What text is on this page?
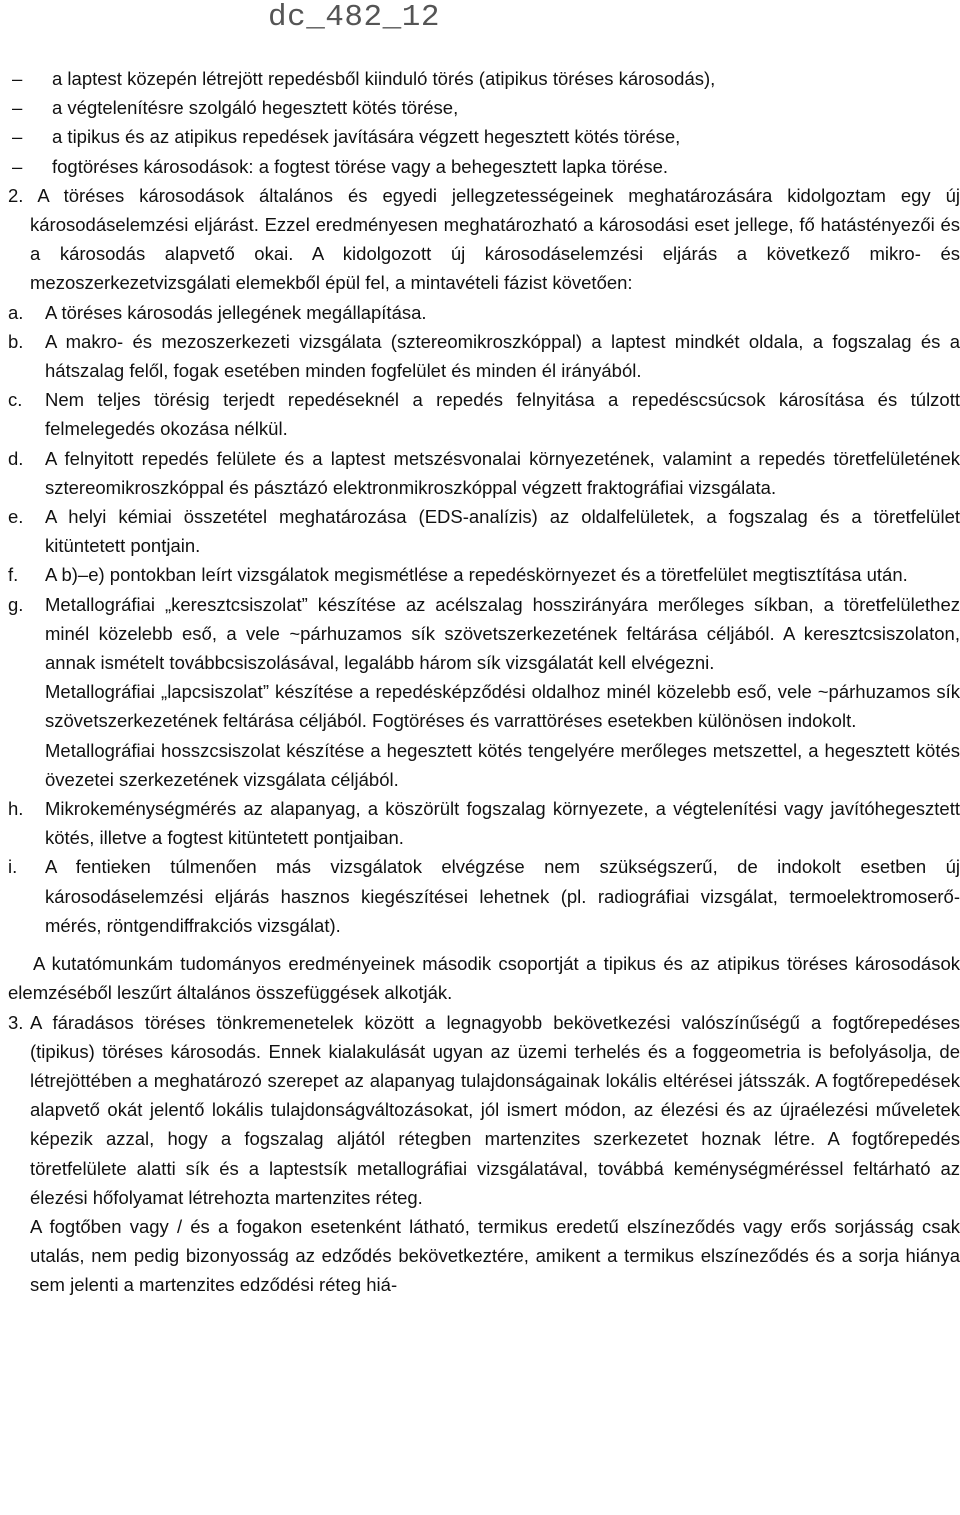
dc_482_12
– a laptest közepén létrejött repedésből kiinduló törés (atipikus töréses károsodás),
– a végtelenítésre szolgáló hegesztett kötés törése,
– a tipikus és az atipikus repedések javítására végzett hegesztett kötés törése,
– fogtöréses károsodások: a fogtest törése vagy a behegesztett lapka törése.
2. A töréses károsodások általános és egyedi jellegzetességeinek meghatározására kidolgoztam egy új károsodáselemzési eljárást. Ezzel eredményesen meghatározható a károsodási eset jellege, fő hatástényezői és a károsodás alapvető okai. A kidolgozott új károsodáselemzési eljárás a következő mikro- és mezoszerkezetvizsgálati elemekből épül fel, a mintavételi fázist követően:
a. A töréses károsodás jellegének megállapítása.
b. A makro- és mezoszerkezeti vizsgálata (sztereomikroszkóppal) a laptest mindkét oldala, a fogszalag és a hátszalag felől, fogak esetében minden fogfelület és minden él irányából.
c. Nem teljes törésig terjedt repedéseknél a repedés felnyitása a repedéscsúcsok károsítása és túlzott felmelegedés okozása nélkül.
d. A felnyitott repedés felülete és a laptest metszésvonalai környezetének, valamint a repedés töretfelületének sztereomikroszkóppal és pásztázó elektronmikroszkóppal végzett fraktográfiai vizsgálata.
e. A helyi kémiai összetétel meghatározása (EDS-analízis) az oldalfelületek, a fogszalag és a töretfelület kitüntetett pontjain.
f. A b)–e) pontokban leírt vizsgálatok megismétlése a repedéskörnyezet és a töretfelület megtisztítása után.
g. Metallográfiai „keresztcsiszolat” készítése az acélszalag hosszirányára merőleges síkban, a töretfelülethez minél közelebb eső, a vele ~párhuzamos sík szövetszerkezetének feltárása céljából. A keresztcsiszolaton, annak ismételt továbbcsiszolásával, legalább három sík vizsgálatát kell elvégezni.
Metallográfiai „lapcsiszolat” készítése a repedésképződési oldalhoz minél közelebb eső, vele ~párhuzamos sík szövetszerkezetének feltárása céljából. Fogtöréses és varrattöréses esetekben különösen indokolt.
Metallográfiai hosszcsiszolat készítése a hegesztett kötés tengelyére merőleges metszettel, a hegesztett kötés övezetei szerkezetének vizsgálata céljából.
h. Mikrokeménységmérés az alapanyag, a köszörült fogszalag környezete, a végtelenítési vagy javítóhegesztett kötés, illetve a fogtest kitüntetett pontjaiban.
i. A fentieken túlmenően más vizsgálatok elvégzése nem szükségszerű, de indokolt esetben új károsodáselemzési eljárás hasznos kiegészítései lehetnek (pl. radiográfiai vizsgálat, termoelektromoserő-mérés, röntgendiffrakciós vizsgálat).
A kutatómunkám tudományos eredményeinek második csoportját a tipikus és az atipikus töréses károsodások elemzéséből leszűrt általános összefüggések alkotják.
3. A fáradásos töréses tönkremenetelek között a legnagyobb bekövetkezési valószínűségű a fogtőrepedéses (tipikus) töréses károsodás. Ennek kialakulását ugyan az üzemi terhelés és a foggeometria is befolyásolja, de létrejöttében a meghatározó szerepet az alapanyag tulajdonságainak lokális eltérései játsszák. A fogtőrepedések alapvető okát jelentő lokális tulajdonságváltozásokat, jól ismert módon, az élezési és az újraélezési műveletek képezik azzal, hogy a fogszalag aljától rétegben martenzites szerkezetet hoznak létre. A fogtőrepedés töretfelülete alatti sík és a laptestsík metallográfiai vizsgálatával, továbbá keménységméréssel feltárható az élezési hőfolyamat létrehozta martenzites réteg.
A fogtőben vagy / és a fogakon esetenként látható, termikus eredetű elszíneződés vagy erős sorjásság csak utalás, nem pedig bizonyosság az edződés bekövetkeztére, amikent a termikus elszíneződés és a sorja hiánya sem jelenti a martenzites edződési réteg hiá-
